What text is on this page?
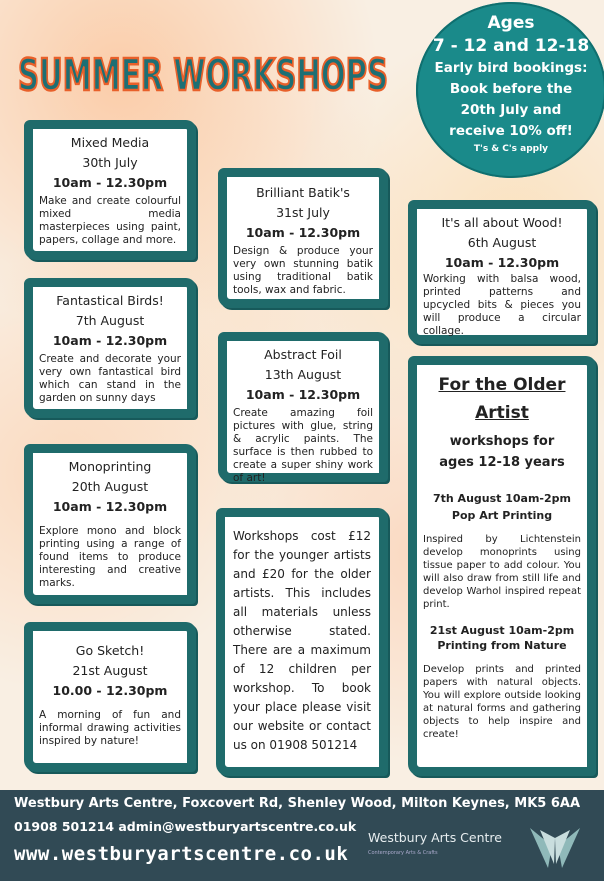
SUMMER WORKSHOPS
Ages
7 - 12 and 12-18
Early bird bookings:
Book before the
20th July and
receive 10% off!
T's & C's apply
Mixed Media
30th July
10am - 12.30pm
Make and create colourful mixed media masterpieces using paint, papers, collage and more.
Fantastical Birds!
7th August
10am - 12.30pm
Create and decorate your very own fantastical bird which can stand in the garden on sunny days
Monoprinting
20th August
10am - 12.30pm
Explore mono and block printing using a range of found items to produce interesting and creative marks.
Go Sketch!
21st August
10.00 - 12.30pm
A morning of fun and informal drawing activities inspired by nature!
Brilliant Batik's
31st July
10am - 12.30pm
Design & produce your very own stunning batik using traditional batik tools, wax and fabric.
Abstract Foil
13th August
10am - 12.30pm
Create amazing foil pictures with glue, string & acrylic paints. The surface is then rubbed to create a super shiny work of art!
Workshops cost £12 for the younger artists and £20 for the older artists. This includes all materials unless otherwise stated. There are a maximum of 12 children per workshop. To book your place please visit our website or contact us on 01908 501214
It's all about Wood!
6th August
10am - 12.30pm
Working with balsa wood, printed patterns and upcycled bits & pieces you will produce a circular collage.
For the Older
Artist
workshops for
ages 12-18 years
7th August 10am-2pm
Pop Art Printing
Inspired by Lichtenstein develop monoprints using tissue paper to add colour. You will also draw from still life and develop Warhol inspired repeat print.
21st August 10am-2pm
Printing from Nature
Develop prints and printed papers with natural objects. You will explore outside looking at natural forms and gathering objects to help inspire and create!
Westbury Arts Centre, Foxcovert Rd, Shenley Wood, Milton Keynes, MK5 6AA
01908 501214 admin@westburyartscentre.co.uk
www.westburyartscentre.co.uk
Westbury Arts Centre
Contemporary Arts & Crafts
